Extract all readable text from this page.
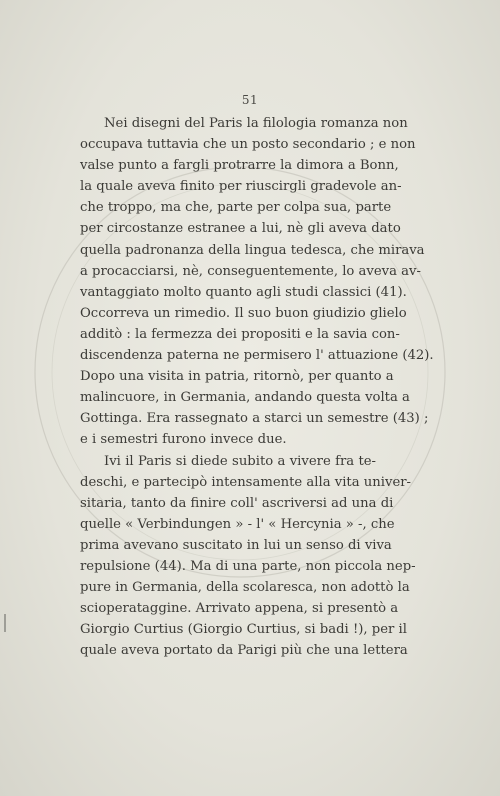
51
Nei disegni del Paris la filologia romanza non
occupava tuttavia che un posto secondario ; e non
valse punto a fargli protrarre la dimora a Bonn,
la quale aveva finito per riuscirgli gradevole an-
che troppo, ma che, parte per colpa sua, parte
per circostanze estranee a lui, nè gli aveva dato
quella padronanza della lingua tedesca, che mirava
a procacciarsi, nè, conseguentemente, lo aveva av-
vantaggiato molto quanto agli studi classici (41).
Occorreva un rimedio. Il suo buon giudizio glielo
additò : la fermezza dei propositi e la savia con-
discendenza paterna ne permisero l' attuazione (42).
Dopo una visita in patria, ritornò, per quanto a
malincuore, in Germania, andando questa volta a
Gottinga. Era rassegnato a starci un semestre (43) ;
e i semestri furono invece due.
Ivi il Paris si diede subito a vivere fra te-
deschi, e partecipò intensamente alla vita univer-
sitaria, tanto da finire coll' ascriversi ad una di
quelle « Verbindungen » - l' « Hercynia » -, che
prima avevano suscitato in lui un senso di viva
repulsione (44). Ma di una parte, non piccola nep-
pure in Germania, della scolaresca, non adottò la
scioperataggine. Arrivato appena, si presentò a
Giorgio Curtius (Giorgio Curtius, si badi !), per il
quale aveva portato da Parigi più che una lettera
